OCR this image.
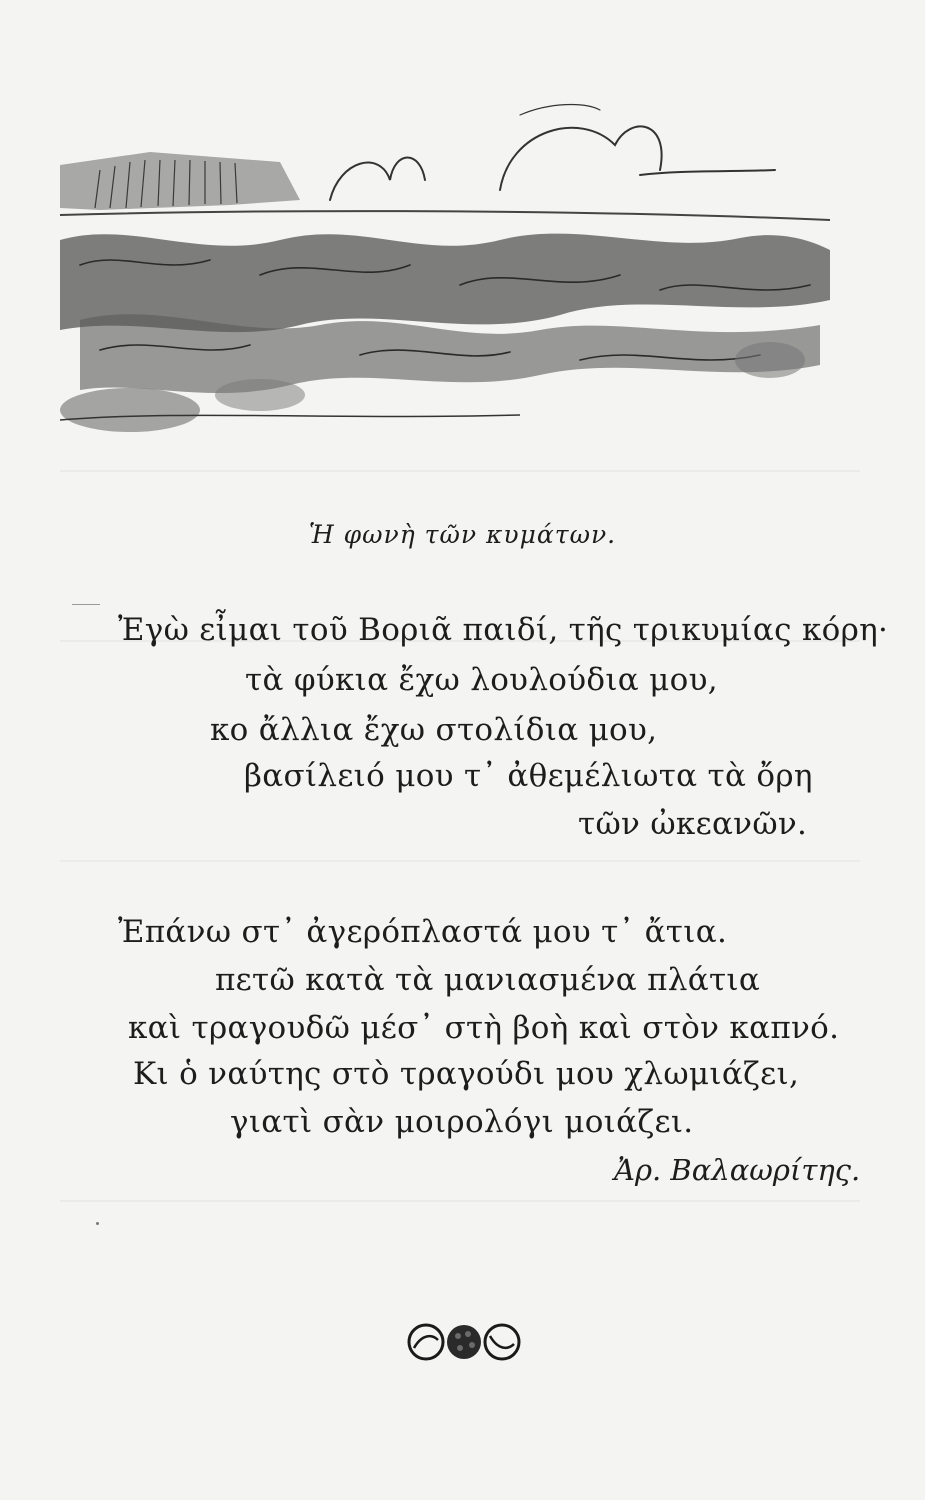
Ἡ φωνὴ τῶν κυμάτων.
Ἐγὼ εἶμαι τοῦ Βοριᾶ παιδί, τῆς τρικυμίας κόρη·
τὰ φύκια ἔχω λουλούδια μου,
κο ἄλλια ἔχω στολίδια μου,
βασίλειό μου τ᾽ ἀθεμέλιωτα τὰ ὄρη
τῶν ὠκεανῶν.
Ἐπάνω στ᾽ ἀγερόπλαστά μου τ᾽ ἄτια.
πετῶ κατὰ τὰ μανιασμένα πλάτια
καὶ τραγουδῶ μέσ᾽ στὴ βοὴ καὶ στὸν καπνό.
Κι ὁ ναύτης στὸ τραγούδι μου χλωμιάζει,
γιατὶ σὰν μοιρολόγι μοιάζει.
Ἀρ. Βαλαωρίτης.
